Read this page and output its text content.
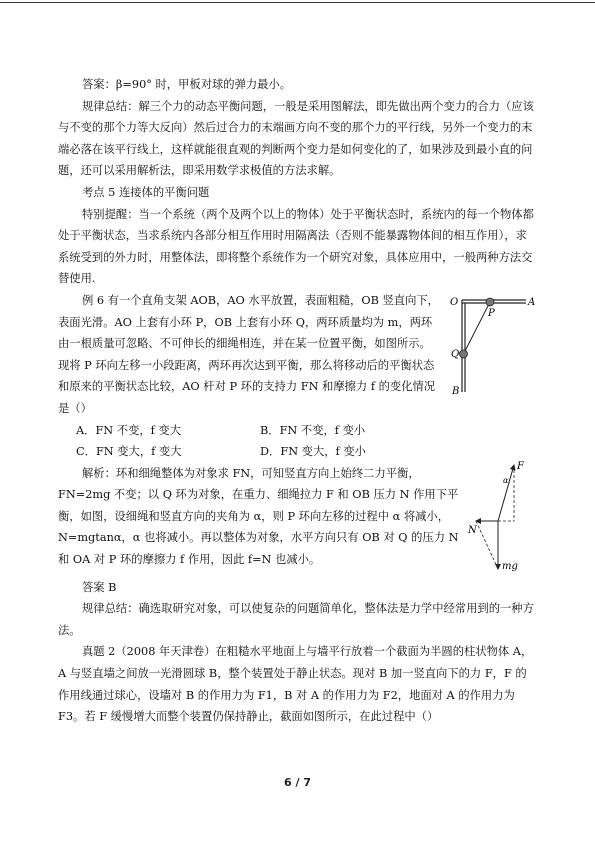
答案：β=90° 时，甲板对球的弹力最小。

规律总结：解三个力的动态平衡问题，一般是采用图解法，即先做出两个变力的合力（应该与不变的那个力等大反向）然后过合力的末端画方向不变的那个力的平行线，另外一个变力的末端必落在该平行线上，这样就能很直观的判断两个变力是如何变化的了，如果涉及到最小直的问题，还可以采用解析法，即采用数学求极值的方法求解。

考点 5 连接体的平衡问题

特别提醒：当一个系统（两个及两个以上的物体）处于平衡状态时，系统内的每一个物体都处于平衡状态，当求系统内各部分相互作用时用隔离法（否则不能暴露物体间的相互作用），求系统受到的外力时，用整体法，即将整个系统作为一个研究对象，具体应用中，一般两种方法交替使用.

例 6 有一个直角支架 AOB，AO 水平放置，表面粗糙，OB 竖直向下，表面光滑。AO 上套有小环 P，OB 上套有小环 Q，两环质量均为 m，两环由一根质量可忽略、不可伸长的细绳相连，并在某一位置平衡，如图所示。现将 P 环向左移一小段距离，两环再次达到平衡，那么将移动后的平衡状态和原来的平衡状态比较，AO 杆对 P 环的支持力 FN 和摩擦力 f 的变化情况是（）

O	A
P
Q
B
A．FN 不变，f 变大	B．FN 不变，f 变小
C．FN 变大，f 变大	D．FN 变大，f 变小

解析：环和细绳整体为对象求 FN，可知竖直方向上始终二力平衡，FN=2mg 不变；以 Q 环为对象，在重力、细绳拉力 F 和 OB 压力 N 作用下平衡，如图，设细绳和竖直方向的夹角为 α，则 P 环向左移的过程中 α 将减小，N=mgtanα，α 也将减小。再以整体为对象，水平方向只有 OB 对 Q 的压力 N 和 OA 对 P 环的摩擦力 f 作用，因此 f=N 也减小。

F
α
N
mg

答案 B

规律总结：确选取研究对象，可以使复杂的问题简单化，整体法是力学中经常用到的一种方法。

真题 2（2008 年天津卷）在粗糙水平地面上与墙平行放着一个截面为半圆的柱状物体 A，A 与竖直墙之间放一光滑圆球 B，整个装置处于静止状态。现对 B 加一竖直向下的力 F，F 的作用线通过球心，设墙对 B 的作用力为 F1，B 对 A 的作用力为 F2，地面对 A 的作用力为 F3。若 F 缓慢增大而整个装置仍保持静止，截面如图所示，在此过程中（）

6 / 7
